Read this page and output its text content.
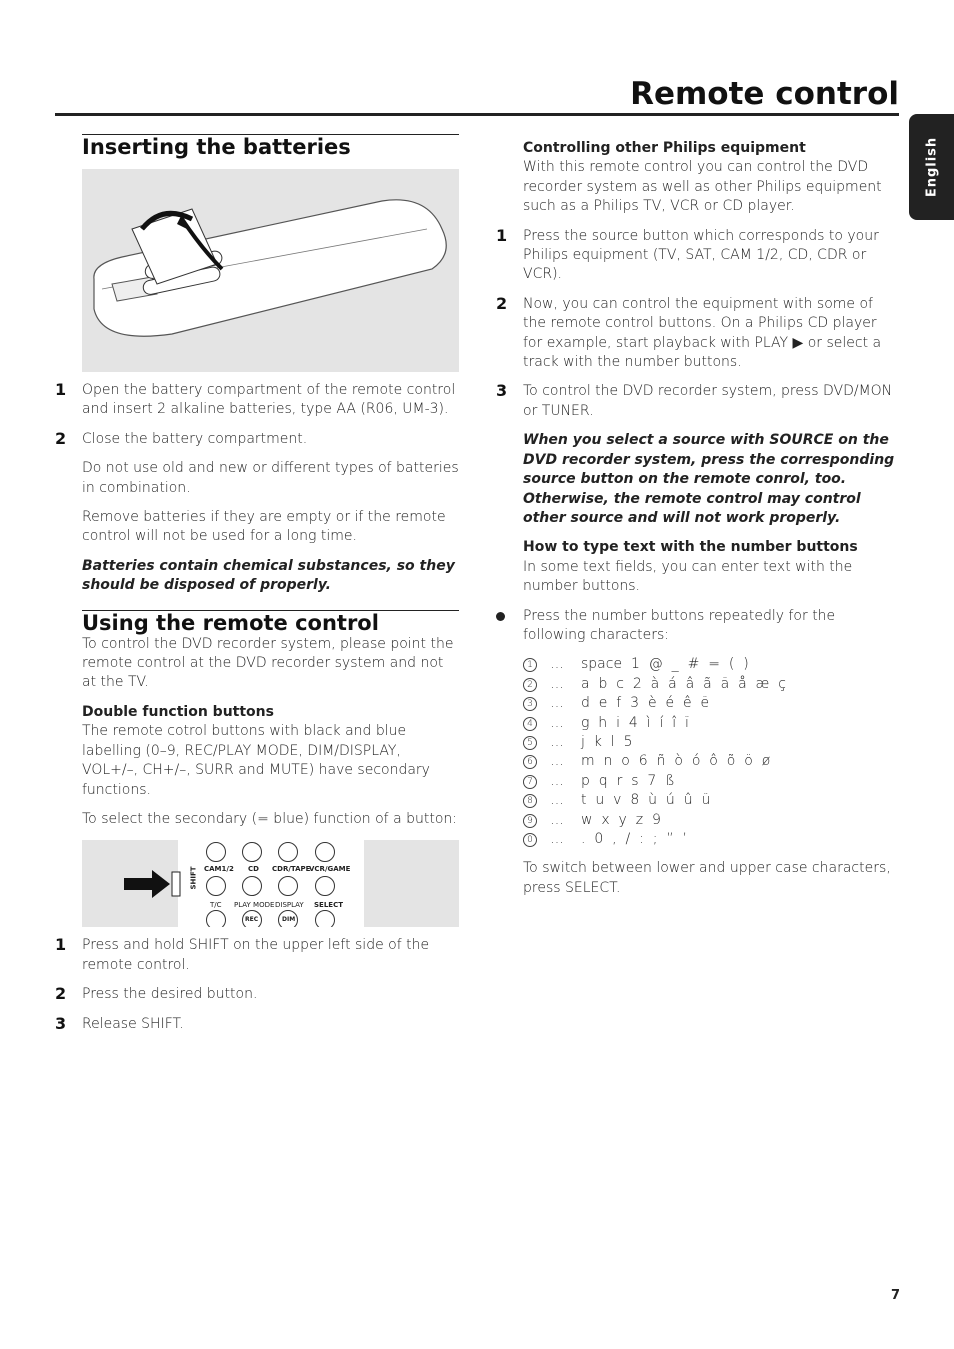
Remote control
English
Inserting the batteries
1 Open the battery compartment of the remote control and insert 2 alkaline batteries, type AA (R06, UM-3).

2 Close the battery compartment.

Do not use old and new or different types of batteries in combination.

Remove batteries if they are empty or if the remote control will not be used for a long time.

Batteries contain chemical substances, so they should be disposed of properly.

Using the remote control

To control the DVD recorder system, please point the remote control at the DVD recorder system and not at the TV.

Double function buttons

The remote cotrol buttons with black and blue labelling (0–9, REC/PLAY MODE, DIM/DISPLAY, VOL+/–, CH+/–, SURR and MUTE) have secondary functions.

To select the secondary (= blue) function of a button:

SHIFT CAM1/2 CD CDR/TAPE
VCR/GAME
T/C PLAY MODE DISPLAY SELECT
REC	DIM
1 Press and hold SHIFT on the upper left side of the remote control.

2 Press the desired button.

3 Release SHIFT.

Controlling other Philips equipment

With this remote control you can control the DVD recorder system as well as other Philips equipment such as a Philips TV, VCR or CD player.

1 Press the source button which corresponds to your Philips equipment (TV, SAT, CAM 1/2, CD, CDR or VCR).

2 Now, you can control the equipment with some of the remote control buttons. On a Philips CD player for example, start playback with PLAY ▶ or select a track with the number buttons.

3 To control the DVD recorder system, press DVD/MON or TUNER.

When you select a source with SOURCE on the DVD recorder system, press the corresponding source button on the remote conrol, too. Otherwise, the remote control may control other source and will not work properly.

How to type text with the number buttons

In some text fields, you can enter text with the number buttons.

Press the number buttons repeatedly for the following characters:

1 …	space  1  @  _  #  =  (  )
2 …	a  b  c  2  à  á  â  ã  ä  å  æ  ç
3 …	d  e  f  3  è  é  ê  ë
4 …	g  h  i  4  ì  í  î  ï
5 …	j  k  l  5
6 …	m  n  o  6  ñ  ò  ó  ô  õ  ö  ø
7 …	p  q  r  s  7  ß
8 …	t  u  v  8  ù  ú  û  ü
9 …	w  x  y  z  9
0 …	.  0  ,  /  :  ;  ”  ’

To switch between lower and upper case characters, press SELECT.

7
